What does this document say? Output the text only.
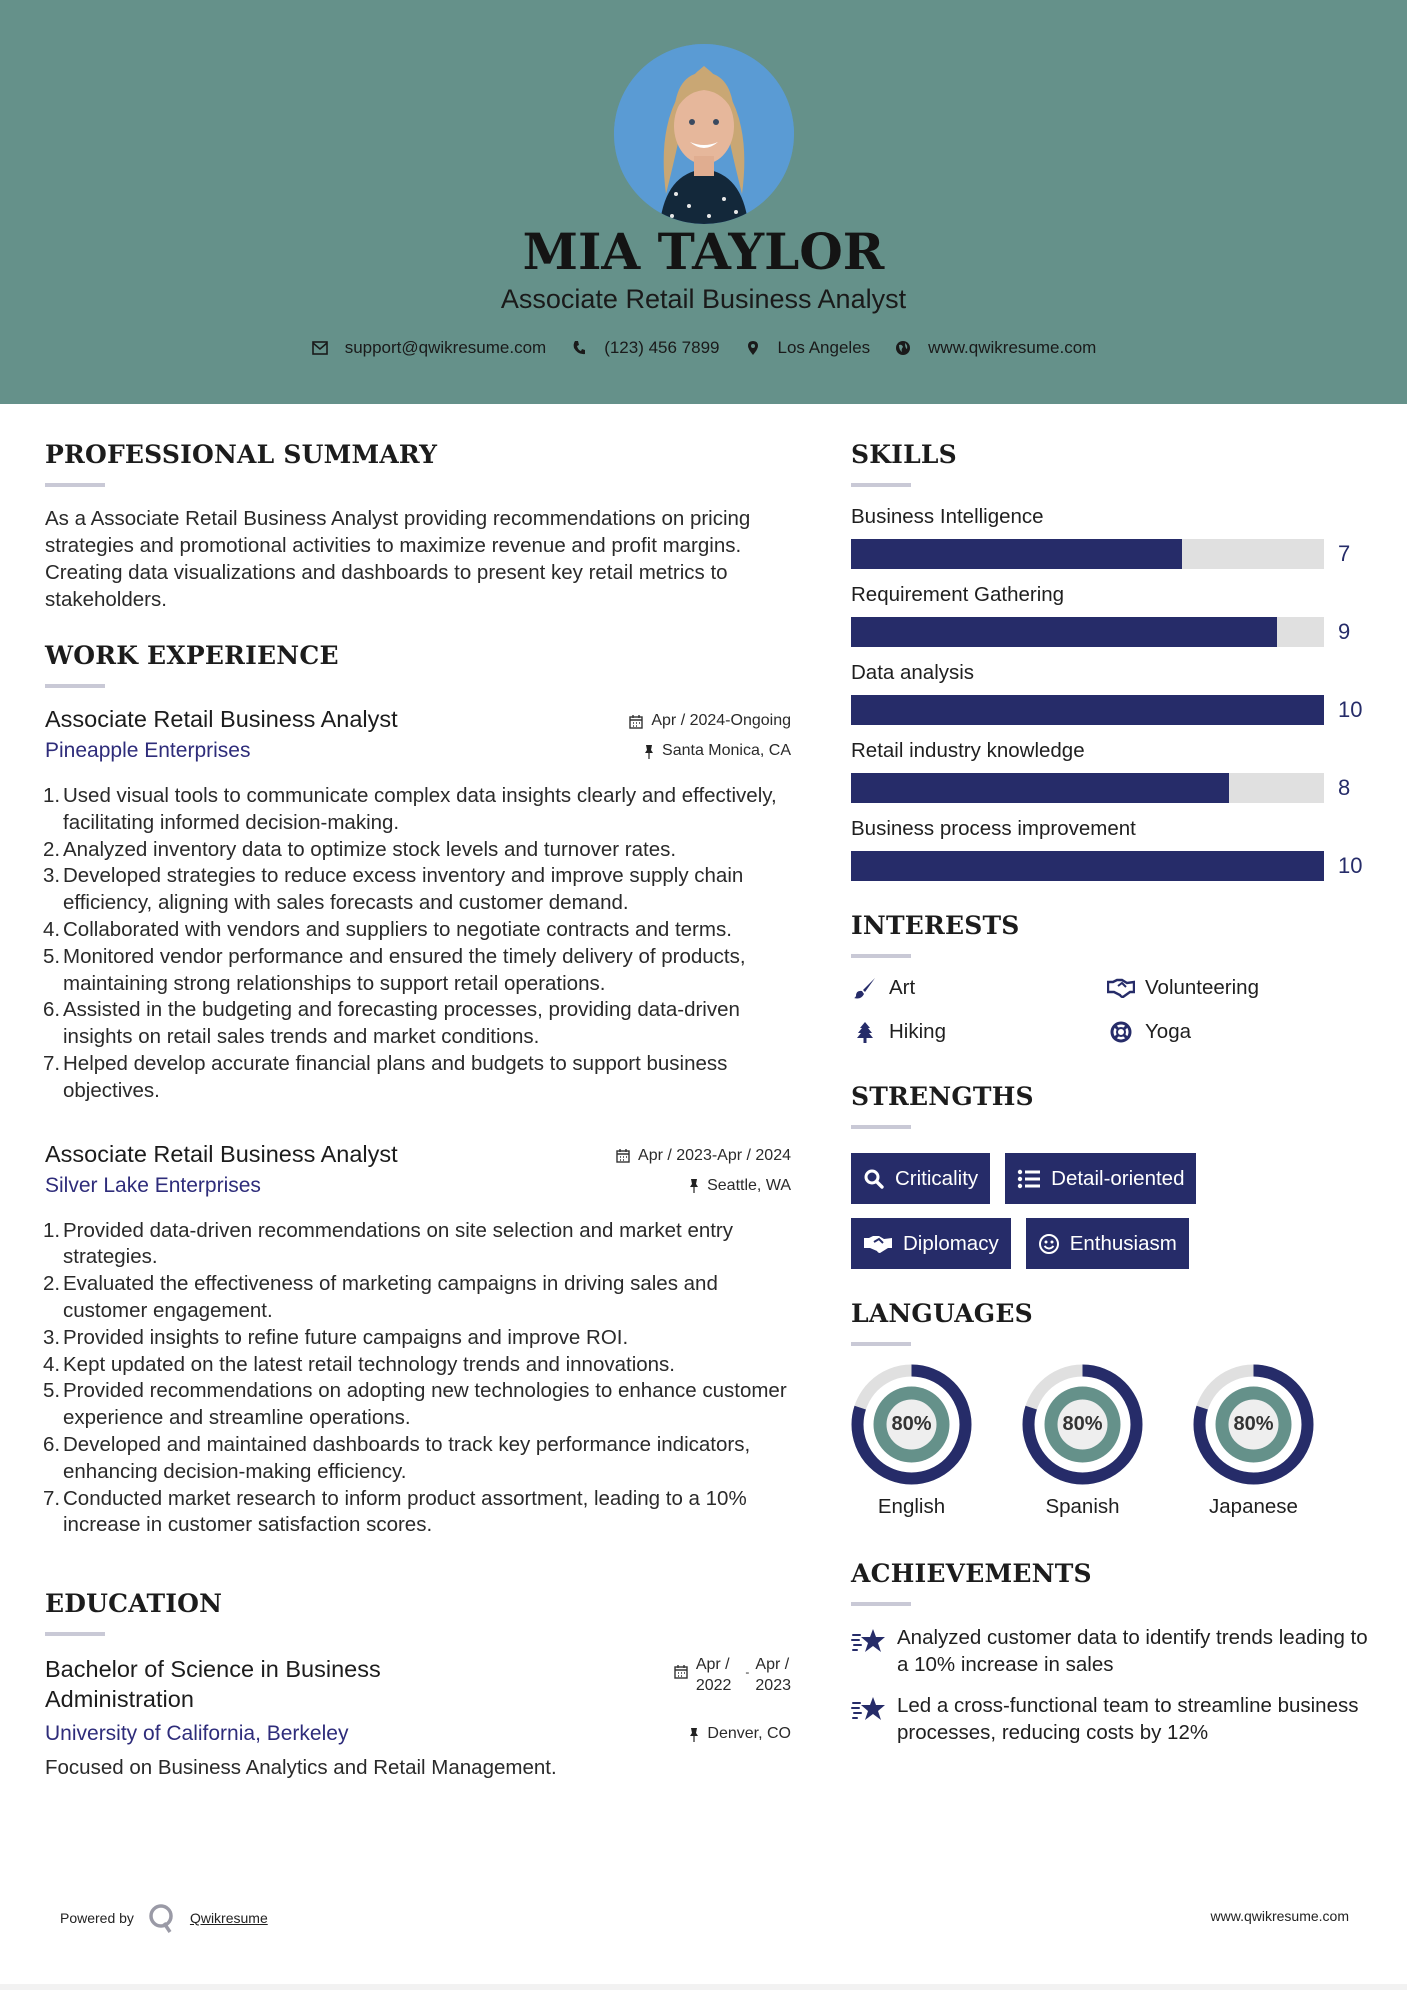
MIA TAYLOR
Associate Retail Business Analyst
support@qwikresume.com	(123) 456 7899	Los Angeles	www.qwikresume.com
PROFESSIONAL SUMMARY

As a Associate Retail Business Analyst providing recommendations on pricing strategies and promotional activities to maximize revenue and profit margins. Creating data visualizations and dashboards to present key retail metrics to stakeholders.

WORK EXPERIENCE
Associate Retail Business Analyst	Apr / 2024-Ongoing
Pineapple Enterprises	Santa Monica, CA
1. Used visual tools to communicate complex data insights clearly and effectively, facilitating informed decision-making.
2. Analyzed inventory data to optimize stock levels and turnover rates.
3. Developed strategies to reduce excess inventory and improve supply chain efficiency, aligning with sales forecasts and customer demand.
4. Collaborated with vendors and suppliers to negotiate contracts and terms.
5. Monitored vendor performance and ensured the timely delivery of products, maintaining strong relationships to support retail operations.
6. Assisted in the budgeting and forecasting processes, providing data-driven insights on retail sales trends and market conditions.
7. Helped develop accurate financial plans and budgets to support business objectives.
Associate Retail Business Analyst	Apr / 2023-Apr / 2024
Silver Lake Enterprises	Seattle, WA
1. Provided data-driven recommendations on site selection and market entry strategies.
2. Evaluated the effectiveness of marketing campaigns in driving sales and customer engagement.
3. Provided insights to refine future campaigns and improve ROI.
4. Kept updated on the latest retail technology trends and innovations.
5. Provided recommendations on adopting new technologies to enhance customer experience and streamline operations.
6. Developed and maintained dashboards to track key performance indicators, enhancing decision-making efficiency.
7. Conducted market research to inform product assortment, leading to a 10% increase in customer satisfaction scores.
EDUCATION
Bachelor of Science in Business Administration
Apr /
2022
- Apr /
2023
University of California, Berkeley	Denver, CO

Focused on Business Analytics and Retail Management.

SKILLS
Business Intelligence
7
Requirement Gathering
9
Data analysis
10
Retail industry knowledge
8
Business process improvement
10
INTERESTS
Art	Volunteering
Hiking	Yoga
STRENGTHS
Criticality	Detail-oriented
Diplomacy	Enthusiasm
LANGUAGES
80%
English
80%
Spanish
80%
Japanese
ACHIEVEMENTS
Analyzed customer data to identify trends leading to a 10% increase in sales
Led a cross-functional team to streamline business processes, reducing costs by 12%
Powered by	Qwikresume	www.qwikresume.com
